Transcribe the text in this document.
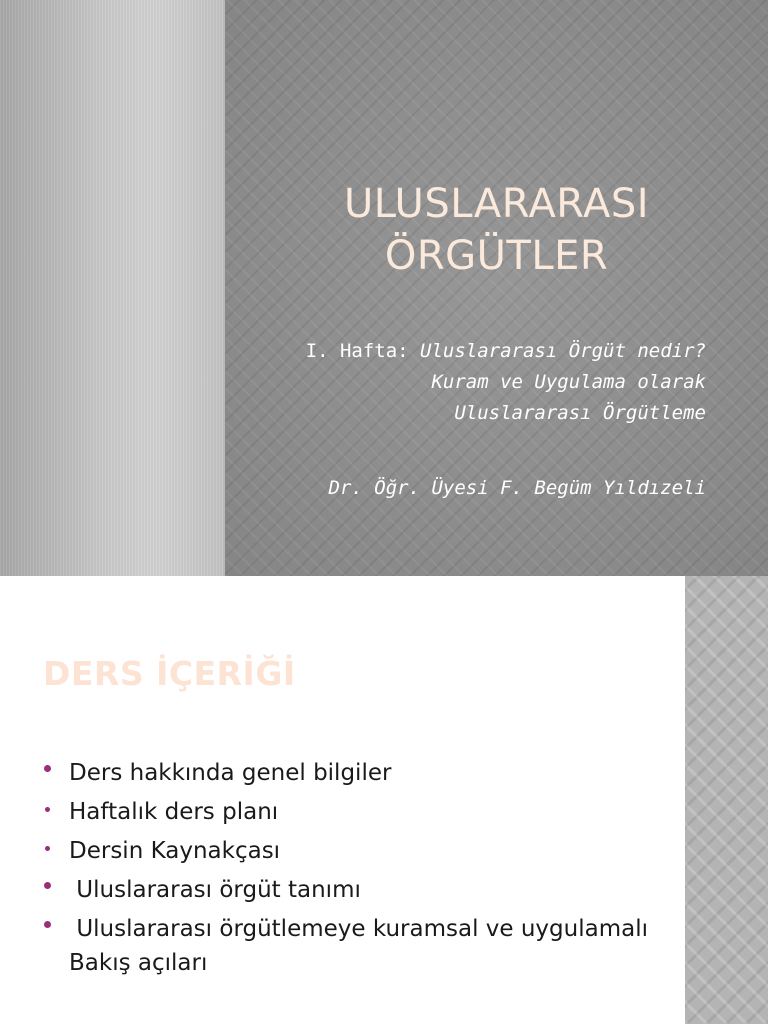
ULUSLARARASI
ÖRGÜTLER
I. Hafta: Uluslararası Örgüt nedir?
Kuram ve Uygulama olarak
Uluslararası Örgütleme
Dr. Öğr. Üyesi F. Begüm Yıldızeli
DERS İÇERİĞİ
Ders hakkında genel bilgiler
Haftalık ders planı
Dersin Kaynakçası
Uluslararası örgüt tanımı
Uluslararası örgütlemeye kuramsal ve uygulamalı Bakış açıları
